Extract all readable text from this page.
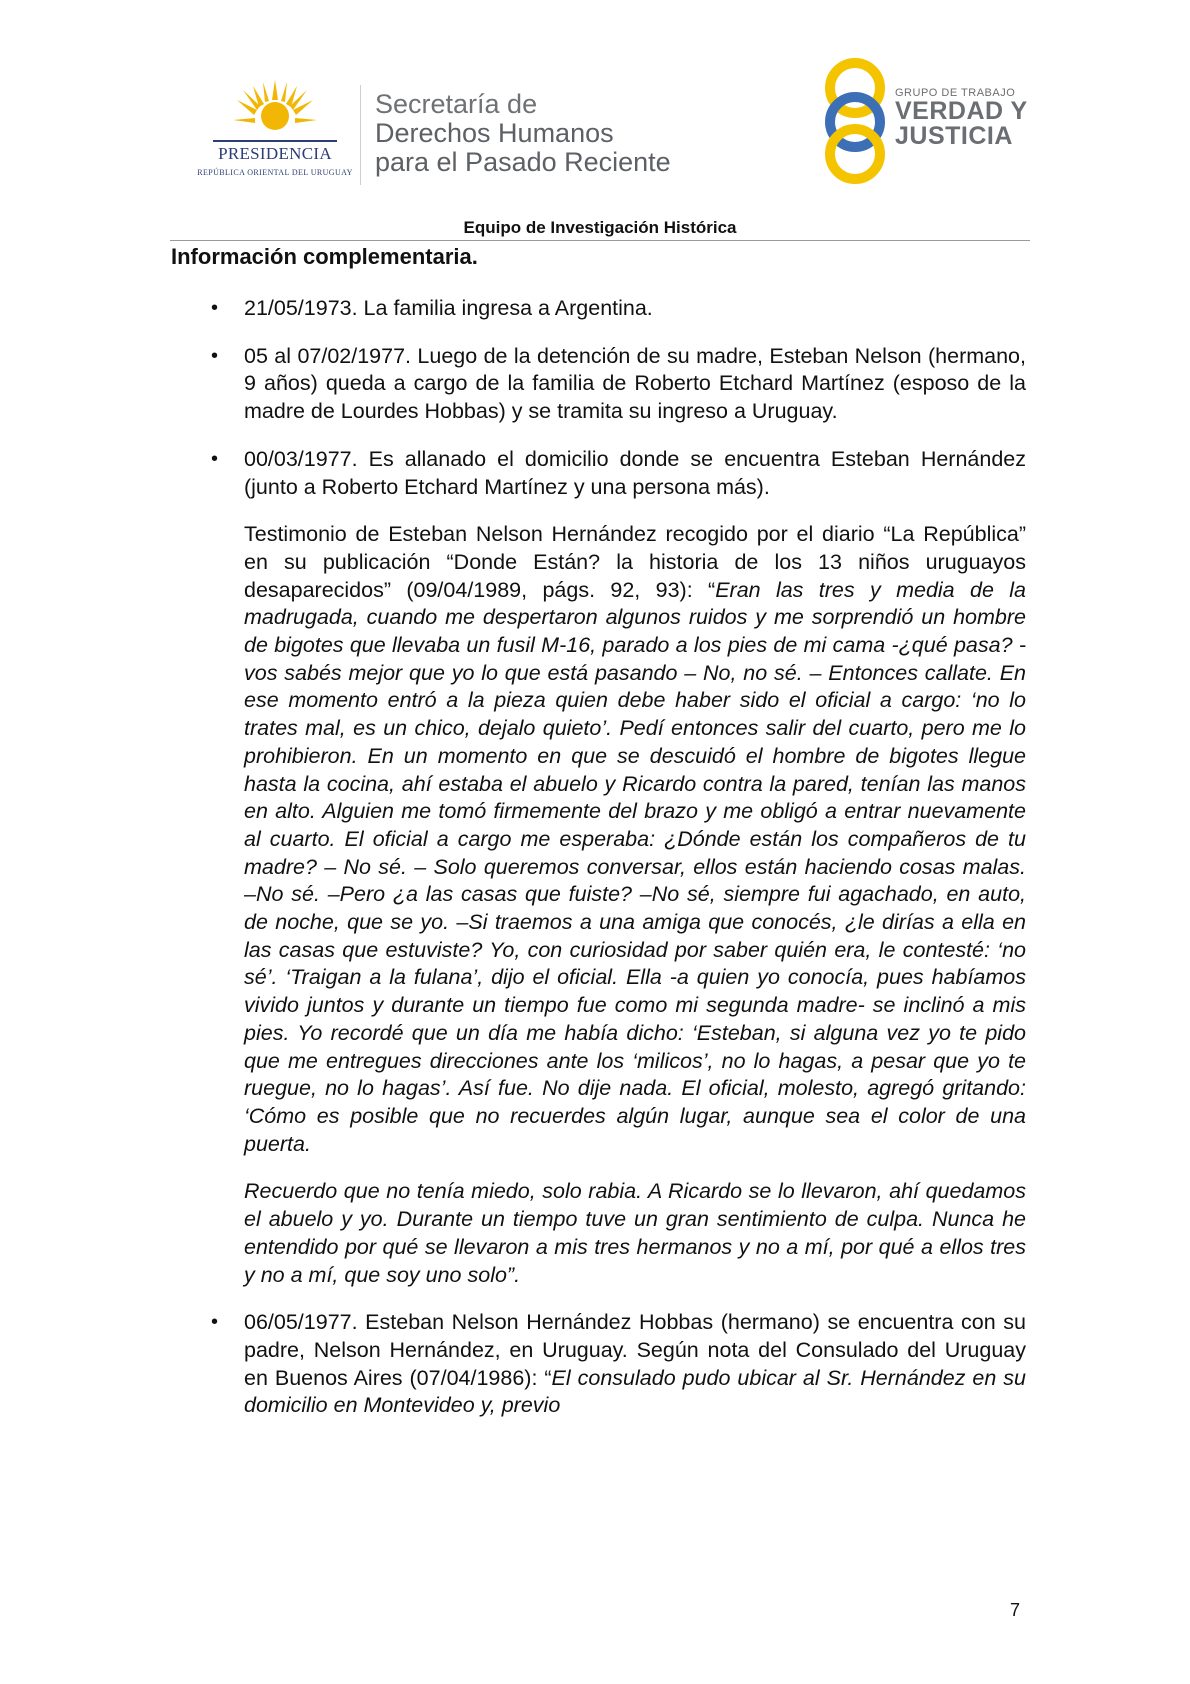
PRESIDENCIA
REPÚBLICA ORIENTAL DEL URUGUAY
Secretaría de
Derechos Humanos
para el Pasado Reciente
GRUPO DE TRABAJO
VERDAD Y
JUSTICIA
Equipo de Investigación Histórica
Información complementaria.
• 21/05/1973. La familia ingresa a Argentina.
• 05 al 07/02/1977. Luego de la detención de su madre, Esteban Nelson (hermano, 9 años) queda a cargo de la familia de Roberto Etchard Martínez (esposo de la madre de Lourdes Hobbas) y se tramita su ingreso a Uruguay.
• 00/03/1977. Es allanado el domicilio donde se encuentra Esteban Hernández (junto a Roberto Etchard Martínez y una persona más).

Testimonio de Esteban Nelson Hernández recogido por el diario “La República” en su publicación “Donde Están? la historia de los 13 niños uruguayos desaparecidos” (09/04/1989, págs. 92, 93): “Eran las tres y media de la madrugada, cuando me despertaron algunos ruidos y me sorprendió un hombre de bigotes que llevaba un fusil M-16, parado a los pies de mi cama -¿qué pasa? - vos sabés mejor que yo lo que está pasando – No, no sé. – Entonces callate. En ese momento entró a la pieza quien debe haber sido el oficial a cargo: ‘no lo trates mal, es un chico, dejalo quieto’. Pedí entonces salir del cuarto, pero me lo prohibieron. En un momento en que se descuidó el hombre de bigotes llegue hasta la cocina, ahí estaba el abuelo y Ricardo contra la pared, tenían las manos en alto. Alguien me tomó firmemente del brazo y me obligó a entrar nuevamente al cuarto. El oficial a cargo me esperaba: ¿Dónde están los compañeros de tu madre? – No sé. – Solo queremos conversar, ellos están haciendo cosas malas. –No sé. –Pero ¿a las casas que fuiste? –No sé, siempre fui agachado, en auto, de noche, que se yo. –Si traemos a una amiga que conocés, ¿le dirías a ella en las casas que estuviste? Yo, con curiosidad por saber quién era, le contesté: ‘no sé’. ‘Traigan a la fulana’, dijo el oficial. Ella -a quien yo conocía, pues habíamos vivido juntos y durante un tiempo fue como mi segunda madre- se inclinó a mis pies. Yo recordé que un día me había dicho: ‘Esteban, si alguna vez yo te pido que me entregues direcciones ante los ‘milicos’, no lo hagas, a pesar que yo te ruegue, no lo hagas’. Así fue. No dije nada. El oficial, molesto, agregó gritando: ‘Cómo es posible que no recuerdes algún lugar, aunque sea el color de una puerta.

Recuerdo que no tenía miedo, solo rabia. A Ricardo se lo llevaron, ahí quedamos el abuelo y yo. Durante un tiempo tuve un gran sentimiento de culpa. Nunca he entendido por qué se llevaron a mis tres hermanos y no a mí, por qué a ellos tres y no a mí, que soy uno solo”.

• 06/05/1977. Esteban Nelson Hernández Hobbas (hermano) se encuentra con su padre, Nelson Hernández, en Uruguay. Según nota del Consulado del Uruguay en Buenos Aires (07/04/1986): “El consulado pudo ubicar al Sr. Hernández en su domicilio en Montevideo y, previo
7
